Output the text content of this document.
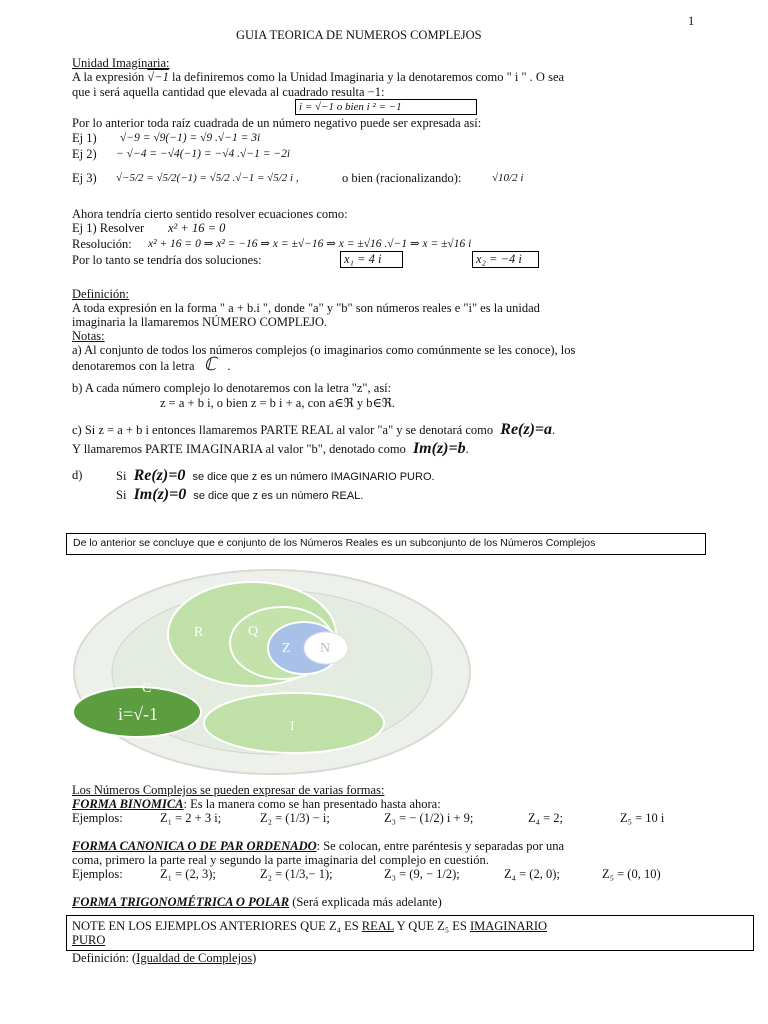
1
GUIA TEORICA DE NUMEROS COMPLEJOS
Unidad Imaginaria:
A la expresión √−1 la definiremos como la Unidad Imaginaria y la denotaremos como " i " . O sea
que i será aquella cantidad que elevada al cuadrado resulta −1:
i = √−1 o bien i ² = −1
Por lo anterior toda raíz cuadrada de un número negativo puede ser expresada así:
Ej 1) √−9 = √9(−1) = √9 .√−1 = 3i
Ej 2) − √−4 = −√4(−1) = −√4 .√−1 = −2i
Ej 3) √−5/2 = √5/2(−1) = √5/2 .√−1 = √5/2 i ,	o bien (racionalizando):	√10/2 i
Ahora tendría cierto sentido resolver ecuaciones como:
Ej 1) Resolver x² + 16 = 0
Resolución: x² + 16 = 0 ⇒ x² = −16 ⇒ x = ±√−16 ⇒ x = ±√16 .√−1 ⇒ x = ±√16 i
Por lo tanto se tendría dos soluciones:	x₁ = 4 i	x₂ = −4 i
Definición:
A toda expresión en la forma " a + b.i ", donde "a" y "b" son números reales e "i" es la unidad
imaginaria la llamaremos NÚMERO COMPLEJO.
Notas:
a) Al conjunto de todos los números complejos (o imaginarios como comúnmente se les conoce), los
denotaremos con la letra ℂ .
b) A cada número complejo lo denotaremos con la letra "z", así:
z = a + b i, o bien z = b i + a, con a∈ℜ y b∈ℜ.
c) Si z = a + b i entonces llamaremos PARTE REAL al valor "a" y se denotará como Re(z)=a.
Y llamaremos PARTE IMAGINARIA al valor "b", denotado como Im(z)=b.
d)	Si Re(z)=0 se dice que z es un número IMAGINARIO PURO.
Si Im(z)=0 se dice que z es un número REAL.
De lo anterior se concluye que e conjunto de los Números Reales es un subconjunto de los Números Complejos
C
R	Q
Z N
I
i=√-1
Los Números Complejos se pueden expresar de varias formas:
FORMA BINOMICA: Es la manera como se han presentado hasta ahora:
Ejemplos:	Z₁ = 2 + 3 i;	Z₂ = (1/3) − i;	Z₃ = − (1/2) i + 9;	Z₄ = 2;	Z₅ = 10 i
FORMA CANONICA O DE PAR ORDENADO: Se colocan, entre paréntesis y separadas por una
coma, primero la parte real y segundo la parte imaginaria del complejo en cuestión.
Ejemplos:	Z₁ = (2, 3);	Z₂ = (1/3,− 1);	Z₃ = (9, − 1/2);	Z₄ = (2, 0);	Z₅ = (0, 10)
FORMA TRIGONOMÉTRICA O POLAR (Será explicada más adelante)
NOTE EN LOS EJEMPLOS ANTERIORES QUE Z₄ ES REAL Y QUE Z₅ ES IMAGINARIO
PURO
Definición: (Igualdad de Complejos)
